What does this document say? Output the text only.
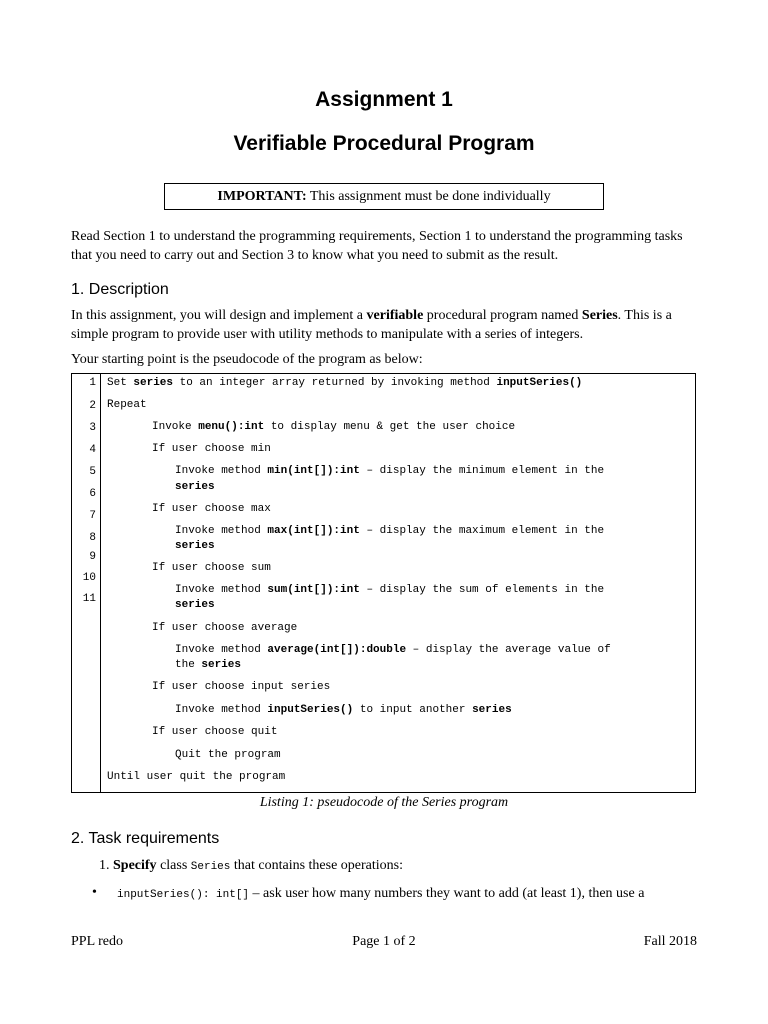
Assignment 1
Verifiable Procedural Program
IMPORTANT: This assignment must be done individually
Read Section 1 to understand the programming requirements, Section 1 to understand the programming tasks that you need to carry out and Section 3 to know what you need to submit as the result.
1. Description
In this assignment, you will design and implement a verifiable procedural program named Series. This is a simple program to provide user with utility methods to manipulate with a series of integers.
Your starting point is the pseudocode of the program as below:
1
2
3
4
5
6
7
8
9
10
11
Set series to an integer array returned by invoking method inputSeries()
Repeat
Invoke menu():int to display menu & get the user choice
If user choose min
Invoke method min(int[]):int – display the minimum element in the
series
If user choose max
Invoke method max(int[]):int – display the maximum element in the
series
If user choose sum
Invoke method sum(int[]):int – display the sum of elements in the
series
If user choose average
Invoke method average(int[]):double – display the average value of
the series
If user choose input series
Invoke method inputSeries() to input another series
If user choose quit
Quit the program
Until user quit the program
Listing 1: pseudocode of the Series program
2. Task requirements
1. Specify class Series that contains these operations:
• inputSeries(): int[] – ask user how many numbers they want to add (at least 1), then use a
PPL redo	Page 1 of 2	Fall 2018
